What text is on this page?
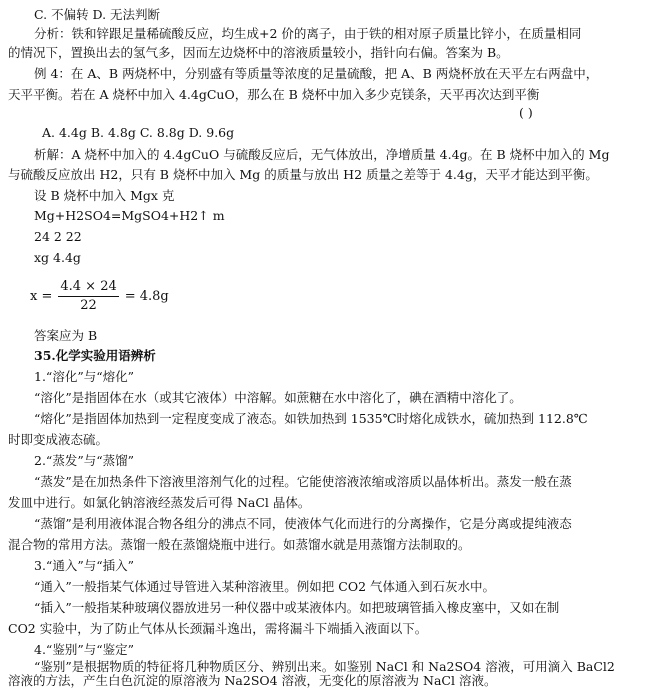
C. 不偏转 D. 无法判断
分析：铁和锌跟足量稀硫酸反应，均生成+2 价的离子，由于铁的相对原子质量比锌小，在质量相同
的情况下，置换出去的氢气多，因而左边烧杯中的溶液质量较小，指针向右偏。答案为 B。
例 4：在 A、B 两烧杯中，分别盛有等质量等浓度的足量硫酸，把 A、B 两烧杯放在天平左右两盘中，
天平平衡。若在 A 烧杯中加入 4.4gCuO，那么在 B 烧杯中加入多少克镁条，天平再次达到平衡
( )
A. 4.4g B. 4.8g C. 8.8g D. 9.6g
析解：A 烧杯中加入的 4.4gCuO 与硫酸反应后，无气体放出，净增质量 4.4g。在 B 烧杯中加入的 Mg
与硫酸反应放出 H2，只有 B 烧杯中加入 Mg 的质量与放出 H2 质量之差等于 4.4g，天平才能达到平衡。
设 B 烧杯中加入 Mgx 克
Mg+H2SO4=MgSO4+H2↑ m
24 2 22
xg 4.4g
$x = \frac{4.4 \times 24}{22} = 4.8g$
答案应为 B
35.化学实验用语辨析
1.“溶化”与“熔化”
“溶化”是指固体在水（或其它液体）中溶解。如蔗糖在水中溶化了，碘在酒精中溶化了。
“熔化”是指固体加热到一定程度变成了液态。如铁加热到 1535℃时熔化成铁水，硫加热到 112.8℃
时即变成液态硫。
2.“蒸发”与“蒸馏”
“蒸发”是在加热条件下溶液里溶剂气化的过程。它能使溶液浓缩或溶质以晶体析出。蒸发一般在蒸
发皿中进行。如氯化钠溶液经蒸发后可得 NaCl 晶体。
“蒸馏”是利用液体混合物各组分的沸点不同，使液体气化而进行的分离操作，它是分离或提纯液态
混合物的常用方法。蒸馏一般在蒸馏烧瓶中进行。如蒸馏水就是用蒸馏方法制取的。
3.“通入”与“插入”
“通入”一般指某气体通过导管进入某种溶液里。例如把 CO2 气体通入到石灰水中。
“插入”一般指某种玻璃仪器放进另一种仪器中或某液体内。如把玻璃管插入橡皮塞中，又如在制
CO2 实验中，为了防止气体从长颈漏斗逸出，需将漏斗下端插入液面以下。
4.“鉴别”与“鉴定”
“鉴别”是根据物质的特征将几种物质区分、辨别出来。如鉴别 NaCl 和 Na2SO4 溶液，可用滴入 BaCl2
溶液的方法，产生白色沉淀的原溶液为 Na2SO4 溶液，无变化的原溶液为 NaCl 溶液。
